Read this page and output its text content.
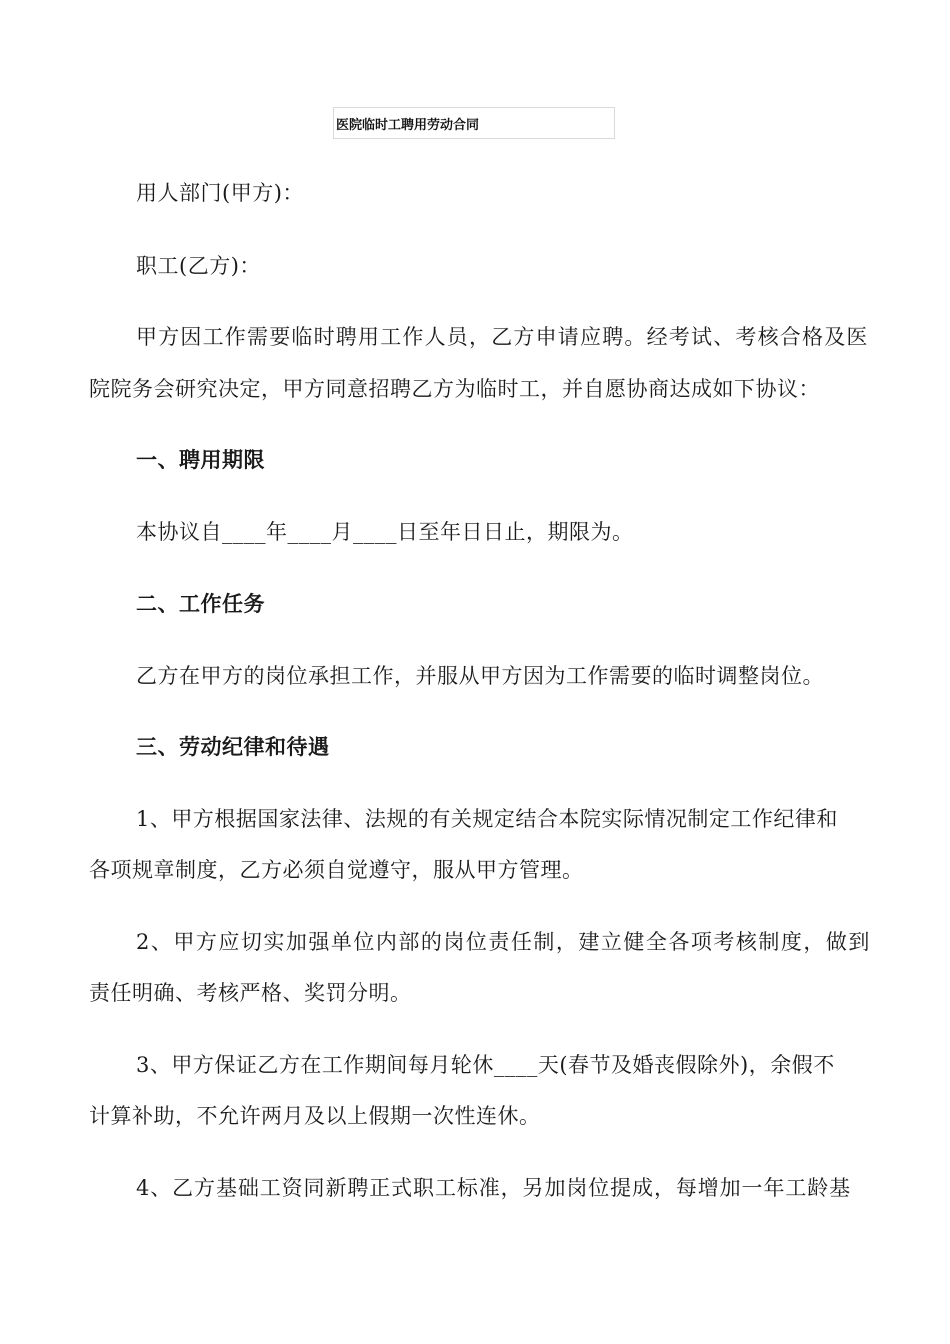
医院临时工聘用劳动合同
用人部门(甲方)：
职工(乙方)：
甲方因工作需要临时聘用工作人员，乙方申请应聘。经考试、考核合格及医
院院务会研究决定，甲方同意招聘乙方为临时工，并自愿协商达成如下协议：
一、聘用期限
本协议自____年____月____日至年日日止，期限为。
二、工作任务
乙方在甲方的岗位承担工作，并服从甲方因为工作需要的临时调整岗位。
三、劳动纪律和待遇
1、甲方根据国家法律、法规的有关规定结合本院实际情况制定工作纪律和
各项规章制度，乙方必须自觉遵守，服从甲方管理。
2、甲方应切实加强单位内部的岗位责任制，建立健全各项考核制度，做到
责任明确、考核严格、奖罚分明。
3、甲方保证乙方在工作期间每月轮休____天(春节及婚丧假除外)，余假不
计算补助，不允许两月及以上假期一次性连休。
4、乙方基础工资同新聘正式职工标准，另加岗位提成，每增加一年工龄基
